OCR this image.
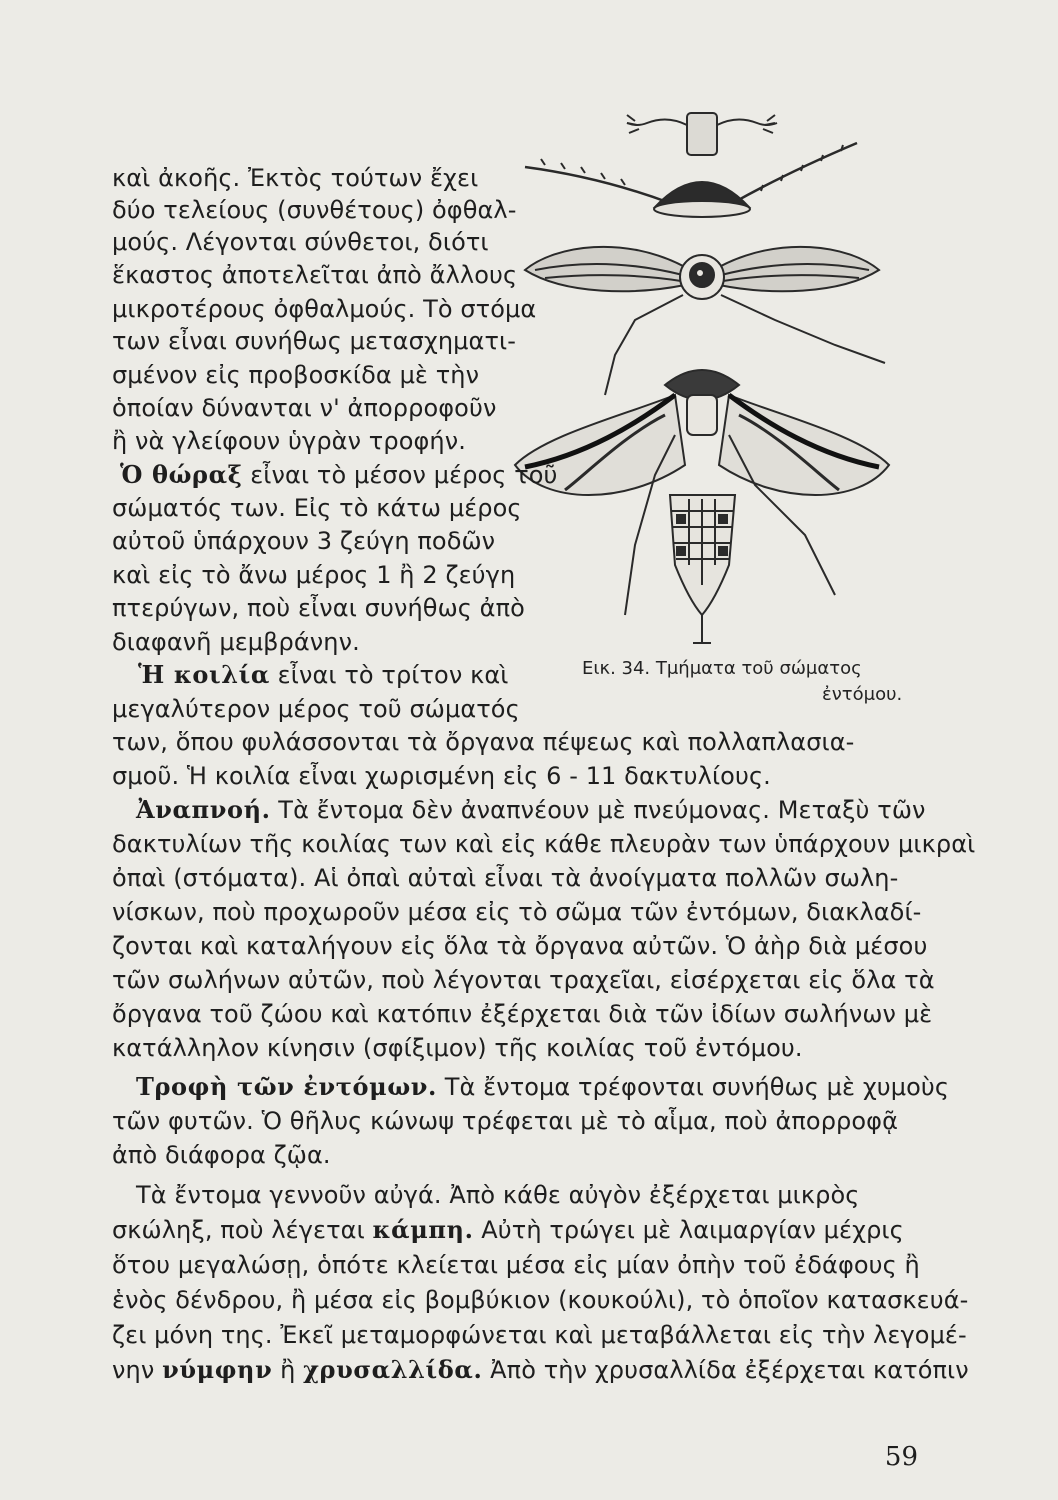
Εικ. 34. Τμήματα τοῦ σώματος
ἐντόμου.
καὶ ἀκοῆς. Ἐκτὸς τούτων ἔχει
δύο τελείους (συνθέτους) ὀφθαλ-
μούς. Λέγονται σύνθετοι, διότι
ἕκαστος ἀποτελεῖται ἀπὸ ἄλλους
μικροτέρους ὀφθαλμούς. Τὸ στόμα
των εἶναι συνήθως μετασχηματι-
σμένον εἰς προβοσκίδα μὲ τὴν
ὁποίαν δύνανται ν' ἀπορροφοῦν
ἢ νὰ γλείφουν ὑγρὰν τροφήν.
Ὁ θώραξ εἶναι τὸ μέσον μέρος τοῦ
σώματός των. Εἰς τὸ κάτω μέρος
αὐτοῦ ὑπάρχουν 3 ζεύγη ποδῶν
καὶ εἰς τὸ ἄνω μέρος 1 ἢ 2 ζεύγη
πτερύγων, ποὺ εἶναι συνήθως ἀπὸ
διαφανῆ μεμβράνην.
Ἡ κοιλία εἶναι τὸ τρίτον καὶ
μεγαλύτερον μέρος τοῦ σώματός
των, ὅπου φυλάσσονται τὰ ὄργανα πέψεως καὶ πολλαπλασια-
σμοῦ. Ἡ κοιλία εἶναι χωρισμένη εἰς 6 - 11 δακτυλίους.
Ἀναπνοή. Τὰ ἔντομα δὲν ἀναπνέουν μὲ πνεύμονας. Μεταξὺ τῶν
δακτυλίων τῆς κοιλίας των καὶ εἰς κάθε πλευρὰν των ὑπάρχουν μικραὶ
ὀπαὶ (στόματα). Αἱ ὀπαὶ αὐταὶ εἶναι τὰ ἀνοίγματα πολλῶν σωλη-
νίσκων, ποὺ προχωροῦν μέσα εἰς τὸ σῶμα τῶν ἐντόμων, διακλαδί-
ζονται καὶ καταλήγουν εἰς ὅλα τὰ ὄργανα αὐτῶν. Ὁ ἀὴρ διὰ μέσου
τῶν σωλήνων αὐτῶν, ποὺ λέγονται τραχεῖαι, εἰσέρχεται εἰς ὅλα τὰ
ὄργανα τοῦ ζώου καὶ κατόπιν ἐξέρχεται διὰ τῶν ἰδίων σωλήνων μὲ
κατάλληλον κίνησιν (σφίξιμον) τῆς κοιλίας τοῦ ἐντόμου.
Τροφὴ τῶν ἐντόμων. Τὰ ἔντομα τρέφονται συνήθως μὲ χυμοὺς
τῶν φυτῶν. Ὁ θῆλυς κώνωψ τρέφεται μὲ τὸ αἷμα, ποὺ ἀπορροφᾷ
ἀπὸ διάφορα ζῷα.
Τὰ ἔντομα γεννοῦν αὐγά. Ἀπὸ κάθε αὐγὸν ἐξέρχεται μικρὸς
σκώληξ, ποὺ λέγεται κάμπη. Αὐτὴ τρώγει μὲ λαιμαργίαν μέχρις
ὅτου μεγαλώσῃ, ὁπότε κλείεται μέσα εἰς μίαν ὀπὴν τοῦ ἐδάφους ἢ
ἑνὸς δένδρου, ἢ μέσα εἰς βομβύκιον (κουκούλι), τὸ ὁποῖον κατασκευά-
ζει μόνη της. Ἐκεῖ μεταμορφώνεται καὶ μεταβάλλεται εἰς τὴν λεγομέ-
νην νύμφην ἢ χρυσαλλίδα. Ἀπὸ τὴν χρυσαλλίδα ἐξέρχεται κατόπιν
59
